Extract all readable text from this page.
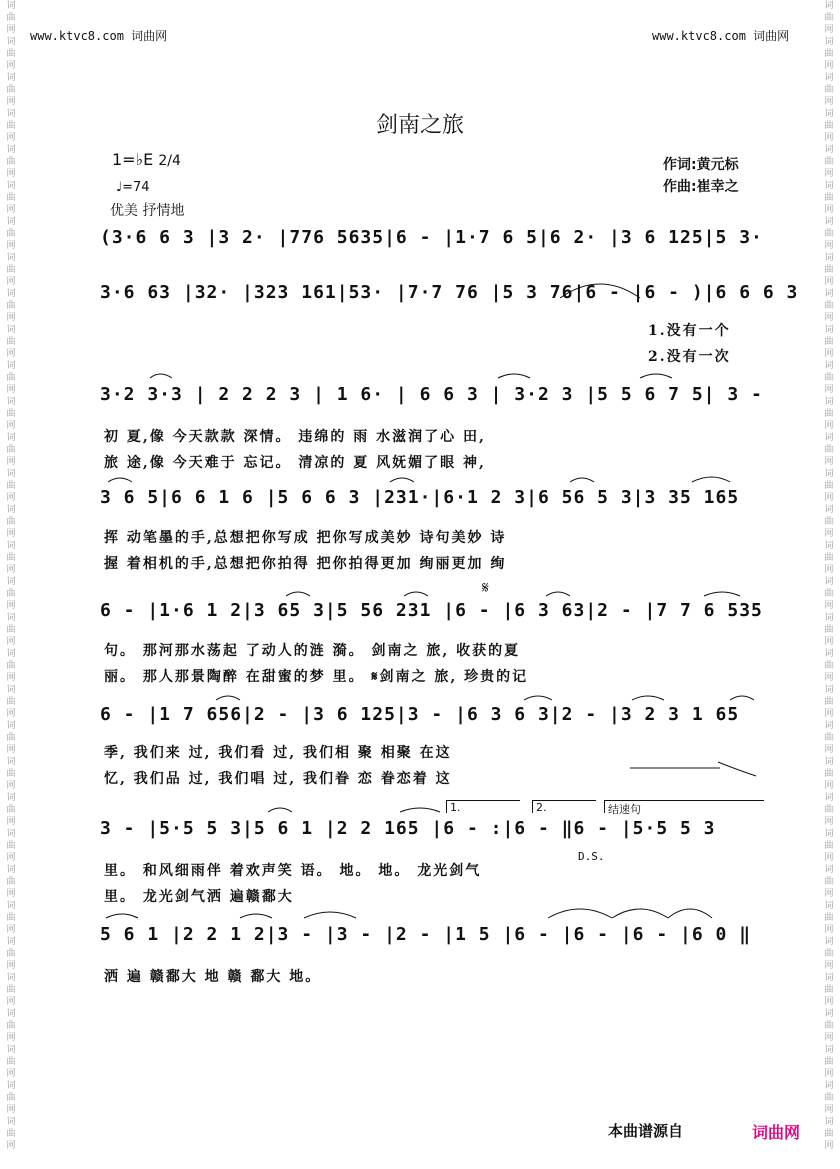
词
曲
网
词
曲
网
词
曲
网
词
曲
网
词
曲
网
词
曲
网
词
曲
网
词
曲
网
词
曲
网
词
曲
网
词
曲
网
词
曲
网
词
曲
网
词
曲
网
词
曲
网
词
曲
网
词
曲
网
词
曲
网
词
曲
网
词
曲
网
词
曲
网
词
曲
网
词
曲
网
词
曲
网
词
曲
网
词
曲
网
词
曲
网
词
曲
网
词
曲
网
词
曲
网
词
曲
网
词
曲
网
词
曲
网
词
曲
网
词
曲
网
词
曲
网
词
曲
网
词
曲
网
词
曲
网
词
曲
网
词
曲
网
词
曲
网
词
曲
网
词
曲
网
词
曲
网
词
曲
网
词
曲
网
词
曲
网
词
曲
网
词
曲
网
词
曲
网
词
曲
网
词
曲
网
词
曲
网
词
曲
网
词
曲
网
词
曲
网
词
曲
网
词
曲
网
词
曲
网
词
曲
网
词
曲
网
词
曲
网
词
曲
网
www.ktvc8.com 词曲网	www.ktvc8.com 词曲网
剑南之旅
1=♭E 2/4
♩=74
优美 抒情地
作词:黄元标
作曲:崔幸之
(3·6 6 3 |3 2· |776 5635|6 - |1·7 6 5|6 2· |3 6 125|5 3·
3·6 63 |32· |323 161|53· |7·7 76 |5 3 76|6 - |6 - )|6 6 6 3
1.没有一个
2.没有一次
3·2 3·3 | 2 2 2 3 | 1 6· | 6 6 3 | 3·2 3 |5 5 6 7 5| 3 -
初 夏,像 今天款款 深情。 违绵的 雨 水滋润了心 田,
旅 途,像 今天难于 忘记。 清凉的 夏 风妩媚了眼 神,
3 6 5|6 6 1 6 |5 6 6 3 |231·|6·1 2 3|6 56 5 3|3 35 165
挥 动笔墨的手,总想把你写成 把你写成美妙 诗句美妙 诗
握 着相机的手,总想把你拍得 把你拍得更加 绚丽更加 绚
𝄋
6 - |1·6 1 2|3 65 3|5 56 231 |6 - |6 3 63|2 - |7 7 6 535
句。 那河那水荡起 了动人的涟 漪。 剑南之 旅, 收获的夏
丽。 那人那景陶醉 在甜蜜的梦 里。 𝄋剑南之 旅, 珍贵的记
6 - |1 7 656|2 - |3 6 125|3 - |6 3 6 3|2 - |3 2 3 1 65
季, 我们来 过, 我们看 过, 我们相 聚 相聚 在这
忆, 我们品 过, 我们唱 过, 我们眷 恋 眷恋着 这
1.	2.	结速句
3 - |5·5 5 3|5 6 1 |2 2 165 |6 - :|6 - ‖6 - |5·5 5 3
D.S.
里。 和风细雨伴 着欢声笑 语。 地。 地。 龙光剑气
里。 龙光剑气洒 遍赣鄱大
5 6 1 |2 2 1 2|3 - |3 - |2 - |1 5 |6 - |6 - |6 - |6 0 ‖
洒 遍 赣鄱大 地 赣 鄱大 地。
本曲谱源自	词曲网
